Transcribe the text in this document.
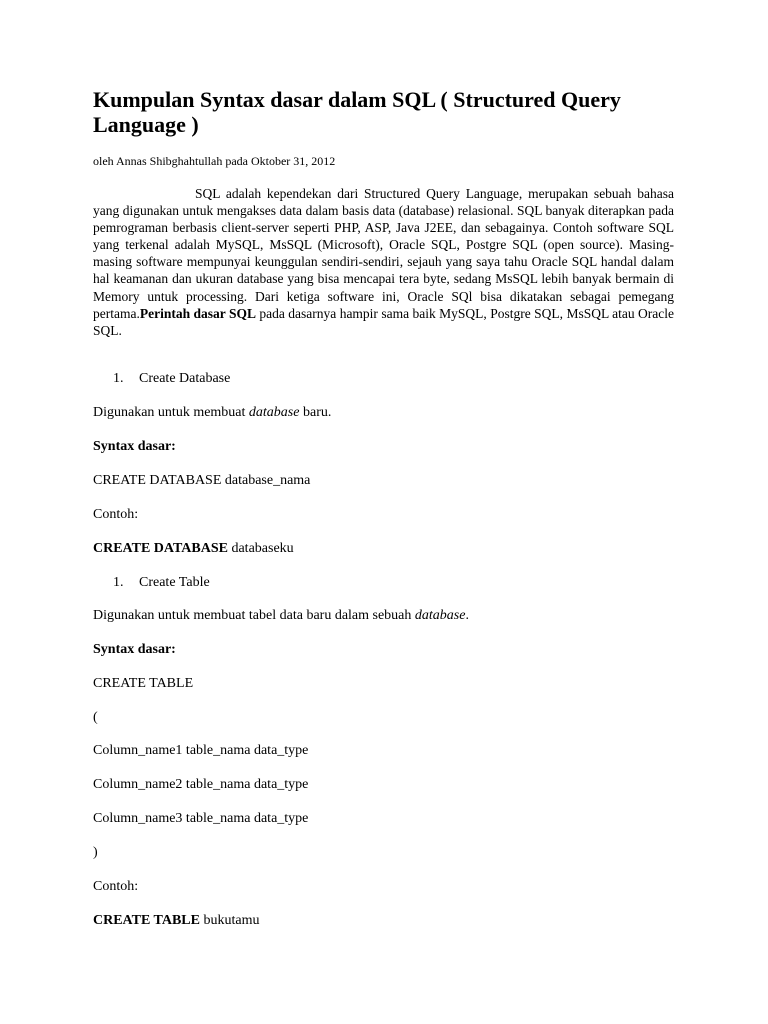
Kumpulan Syntax dasar dalam SQL ( Structured Query Language )

oleh Annas Shibghahtullah pada Oktober 31, 2012

SQL adalah kependekan dari Structured Query Language, merupakan sebuah bahasa yang digunakan untuk mengakses data dalam basis data (database) relasional. SQL banyak diterapkan pada pemrograman berbasis client-server seperti PHP, ASP, Java J2EE, dan sebagainya. Contoh software SQL yang terkenal adalah MySQL, MsSQL (Microsoft), Oracle SQL, Postgre SQL (open source). Masing-masing software mempunyai keunggulan sendiri-sendiri, sejauh yang saya tahu Oracle SQL handal dalam hal keamanan dan ukuran database yang bisa mencapai tera byte, sedang MsSQL lebih banyak bermain di Memory untuk processing. Dari ketiga software ini, Oracle SQl bisa dikatakan sebagai pemegang pertama.Perintah dasar SQL pada dasarnya hampir sama baik MySQL, Postgre SQL, MsSQL atau Oracle SQL.

1. Create Database

Digunakan untuk membuat database baru.

Syntax dasar:

CREATE DATABASE database_nama

Contoh:

CREATE DATABASE databaseku

1. Create Table

Digunakan untuk membuat tabel data baru dalam sebuah database.

Syntax dasar:

CREATE TABLE

(

Column_name1 table_nama data_type

Column_name2 table_nama data_type

Column_name3 table_nama data_type

)

Contoh:

CREATE TABLE bukutamu
